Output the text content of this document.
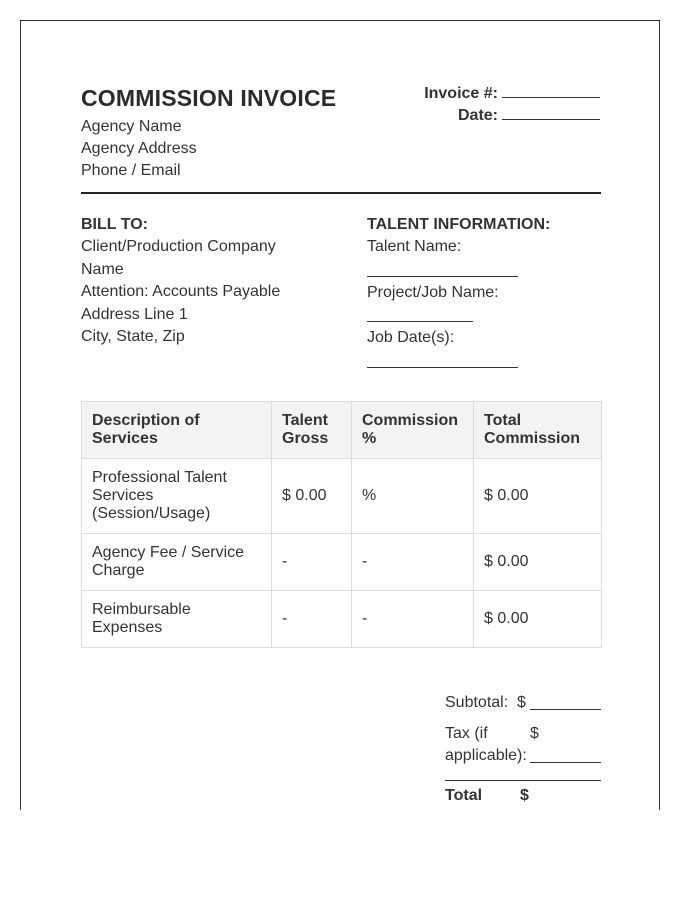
COMMISSION INVOICE
Agency Name
Agency Address
Phone / Email
Invoice #:
Date:
BILL TO:
Client/Production Company Name
Attention: Accounts Payable
Address Line 1
City, State, Zip
TALENT INFORMATION:
Talent Name:
Project/Job Name:
Job Date(s):
Description of Services	Talent Gross	Commission %	Total Commission
Professional Talent Services (Session/Usage)	$ 0.00	%	$ 0.00
Agency Fee / Service Charge	-	-	$ 0.00
Reimbursable Expenses	-	-	$ 0.00
Subtotal: $
Tax (if applicable):
$
Total $
